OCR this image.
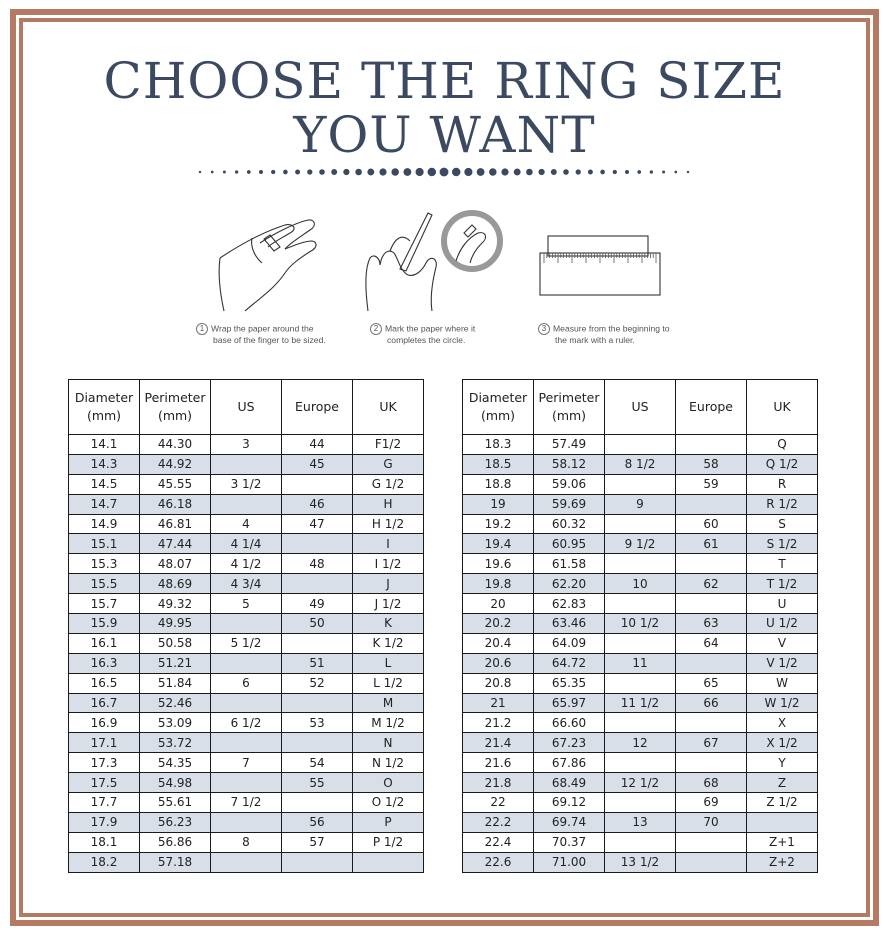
CHOOSE THE RING SIZE
YOU WANT
1 Wrap the paper around the
base of the finger to be sized.
2 Mark the paper where it
completes the circle.
3 Measure from the beginning to
the mark with a ruler.
Diameter
(mm)	Perimeter
(mm)	US	Europe	UK
14.1	44.30	3	44	F1/2
14.3	44.92		45	G
14.5	45.55	3 1/2		G 1/2
14.7	46.18		46	H
14.9	46.81	4	47	H 1/2
15.1	47.44	4 1/4		I
15.3	48.07	4 1/2	48	I 1/2
15.5	48.69	4 3/4		J
15.7	49.32	5	49	J 1/2
15.9	49.95		50	K
16.1	50.58	5 1/2		K 1/2
16.3	51.21		51	L
16.5	51.84	6	52	L 1/2
16.7	52.46			M
16.9	53.09	6 1/2	53	M 1/2
17.1	53.72			N
17.3	54.35	7	54	N 1/2
17.5	54.98		55	O
17.7	55.61	7 1/2		O 1/2
17.9	56.23		56	P
18.1	56.86	8	57	P 1/2
18.2	57.18			
Diameter
(mm)	Perimeter
(mm)	US	Europe	UK
18.3	57.49			Q
18.5	58.12	8 1/2	58	Q 1/2
18.8	59.06		59	R
19	59.69	9		R 1/2
19.2	60.32		60	S
19.4	60.95	9 1/2	61	S 1/2
19.6	61.58			T
19.8	62.20	10	62	T 1/2
20	62.83			U
20.2	63.46	10 1/2	63	U 1/2
20.4	64.09		64	V
20.6	64.72	11		V 1/2
20.8	65.35		65	W
21	65.97	11 1/2	66	W 1/2
21.2	66.60			X
21.4	67.23	12	67	X 1/2
21.6	67.86			Y
21.8	68.49	12 1/2	68	Z
22	69.12		69	Z 1/2
22.2	69.74	13	70	
22.4	70.37			Z+1
22.6	71.00	13 1/2		Z+2
